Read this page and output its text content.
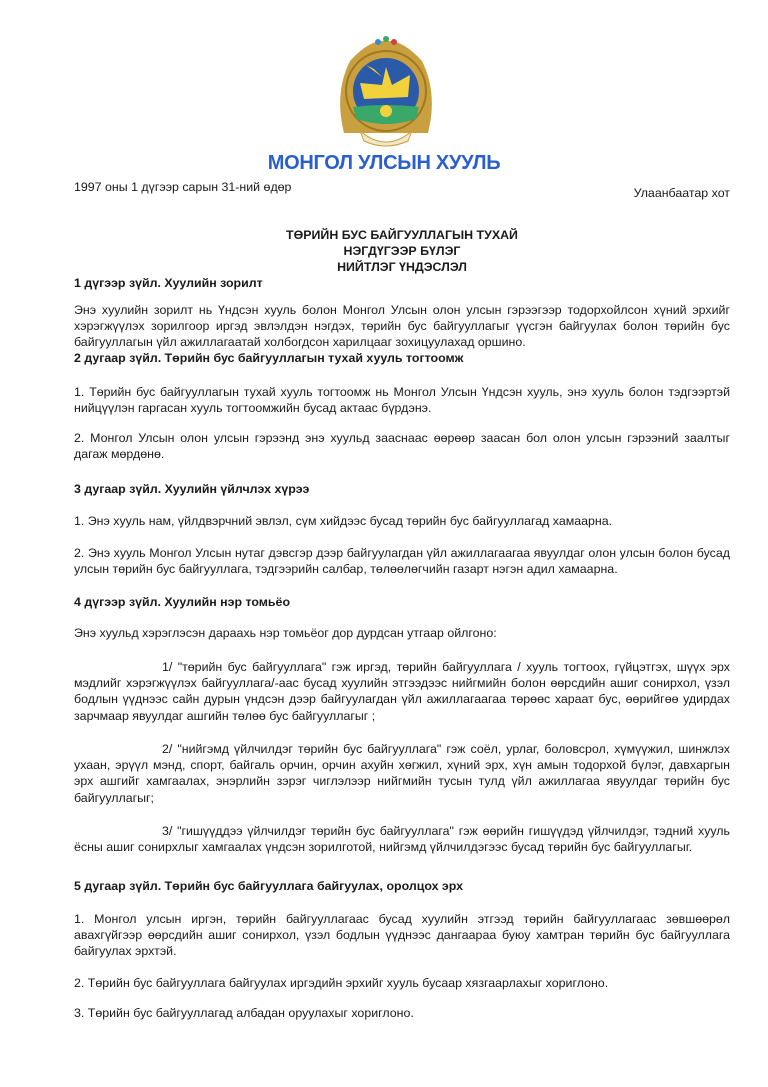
МОНГОЛ УЛСЫН ХУУЛЬ
1997 оны 1 дүгээр сарын 31-ний өдөр	Улаанбаатар хот
ТӨРИЙН БУС БАЙГУУЛЛАГЫН ТУХАЙ
НЭГДҮГЭЭР БҮЛЭГ
НИЙТЛЭГ ҮНДЭСЛЭЛ
1 дүгээр зүйл. Хуулийн зорилт
Энэ хуулийн зорилт нь Үндсэн хууль болон Монгол Улсын олон улсын гэрээгээр тодорхойлсон хүний эрхийг хэрэгжүүлэх зорилгоор иргэд эвлэлдэн нэгдэх, төрийн бус байгууллагыг үүсгэн байгуулах болон төрийн бус байгууллагын үйл ажиллагаатай холбогдсон харилцааг зохицуулахад оршино.
2 дугаар зүйл. Төрийн бус байгууллагын тухай хууль тогтоомж
1. Төрийн бус байгууллагын тухай хууль тогтоомж нь Монгол Улсын Үндсэн хууль, энэ хууль болон тэдгээртэй нийцүүлэн гаргасан хууль тогтоомжийн бусад актаас бүрдэнэ.
2. Монгол Улсын олон улсын гэрээнд энэ хуульд зааснаас өөрөөр заасан бол олон улсын гэрээний заалтыг дагаж мөрдөнө.
3 дугаар зүйл. Хуулийн үйлчлэх хүрээ
1. Энэ хууль нам, үйлдвэрчний эвлэл, сүм хийдээс бусад төрийн бус байгууллагад хамаарна.
2. Энэ хууль Монгол Улсын нутаг дэвсгэр дээр байгуулагдан үйл ажиллагаагаа явуулдаг олон улсын болон бусад улсын төрийн бус байгууллага, тэдгээрийн салбар, төлөөлөгчийн газарт нэгэн адил хамаарна.
4 дүгээр зүйл. Хуулийн нэр томьёо
Энэ хуульд хэрэглэсэн дараахь нэр томьёог дор дурдсан утгаар ойлгоно:
1/ "төрийн бус байгууллага" гэж иргэд, төрийн байгууллага / хууль тогтоох, гүйцэтгэх, шүүх эрх мэдлийг хэрэгжүүлэх байгууллага/-аас бусад хуулийн этгээдээс нийгмийн болон өөрсдийн ашиг сонирхол, үзэл бодлын үүднээс сайн дурын үндсэн дээр байгуулагдан үйл ажиллагаагаа төрөөс хараат бус, өөрийгөө удирдах зарчмаар явуулдаг ашгийн төлөө бус байгууллагыг ;
2/ "нийгэмд үйлчилдэг төрийн бус байгууллага" гэж соёл, урлаг, боловсрол, хүмүүжил, шинжлэх ухаан, эрүүл мэнд, спорт, байгаль орчин, орчин ахуйн хөгжил, хүний эрх, хүн амын тодорхой бүлэг, давхаргын эрх ашгийг хамгаалах, энэрлийн зэрэг чиглэлээр нийгмийн тусын тулд үйл ажиллагаа явуулдаг төрийн бус байгууллагыг;
3/ "гишүүддээ үйлчилдэг төрийн бус байгууллага" гэж өөрийн гишүүдэд үйлчилдэг, тэдний хууль ёсны ашиг сонирхлыг хамгаалах үндсэн зорилготой, нийгэмд үйлчилдэгээс бусад төрийн бус байгууллагыг.
5 дугаар зүйл. Төрийн бус байгууллага байгуулах, оролцох эрх
1. Монгол улсын иргэн, төрийн байгууллагаас бусад хуулийн этгээд төрийн байгууллагаас зөвшөөрөл авахгүйгээр өөрсдийн ашиг сонирхол, үзэл бодлын үүднээс дангаараа буюу хамтран төрийн бус байгууллага байгуулах эрхтэй.
2. Төрийн бус байгууллага байгуулах иргэдийн эрхийг хууль бусаар хязгаарлахыг хориглоно.
3. Төрийн бус байгууллагад албадан оруулахыг хориглоно.
